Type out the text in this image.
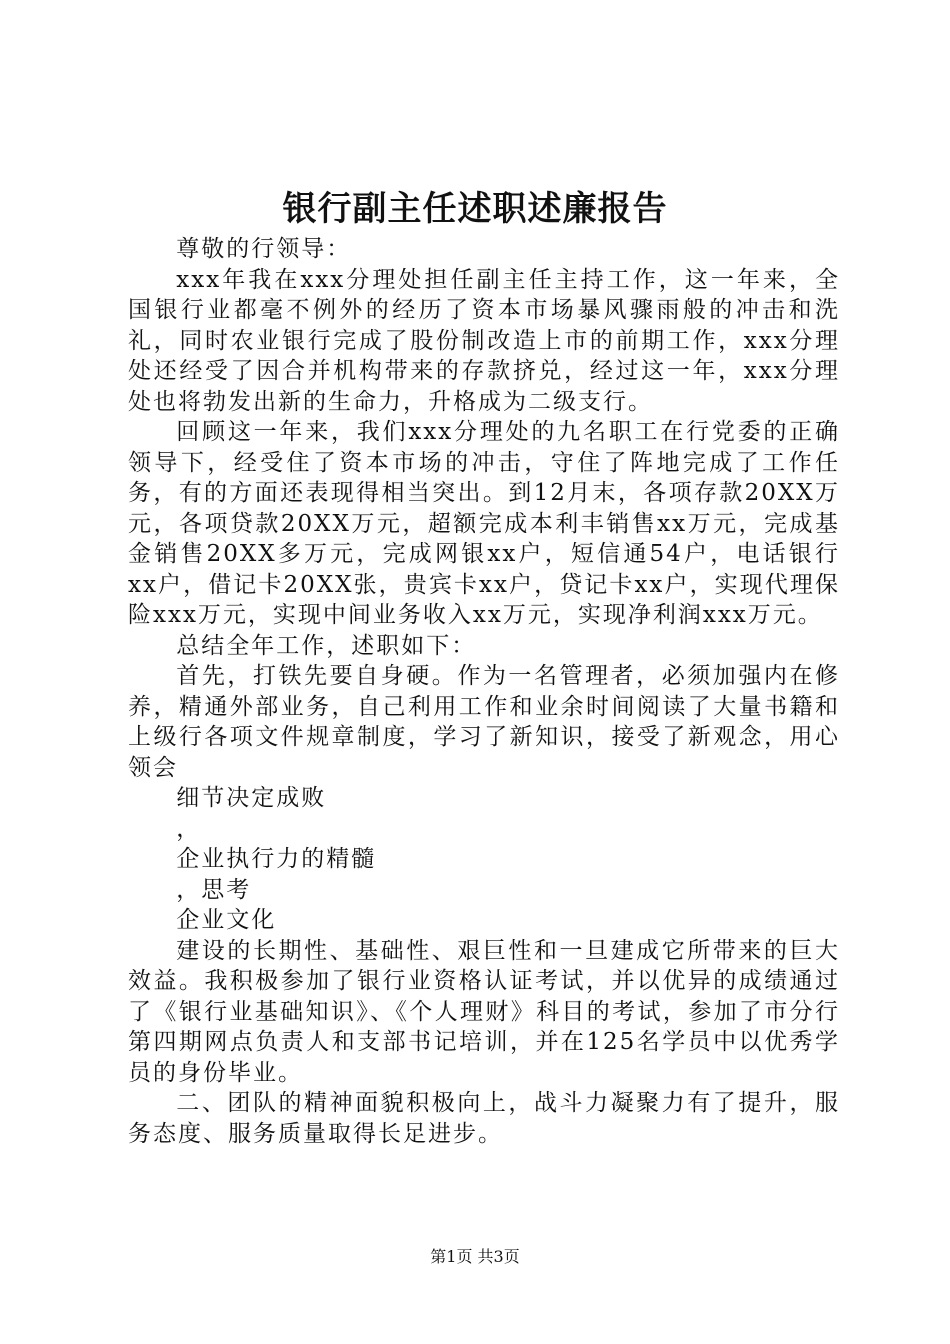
银行副主任述职述廉报告

尊敬的行领导：

xxx年我在xxx分理处担任副主任主持工作，这一年来，全国银行业都毫不例外的经历了资本市场暴风骤雨般的冲击和洗礼，同时农业银行完成了股份制改造上市的前期工作，xxx分理处还经受了因合并机构带来的存款挤兑，经过这一年，xxx分理处也将勃发出新的生命力，升格成为二级支行。

回顾这一年来，我们xxx分理处的九名职工在行党委的正确领导下，经受住了资本市场的冲击，守住了阵地完成了工作任务，有的方面还表现得相当突出。到12月末，各项存款20XX万元，各项贷款20XX万元，超额完成本利丰销售xx万元，完成基金销售20XX多万元，完成网银xx户，短信通54户，电话银行xx户，借记卡20XX张，贵宾卡xx户，贷记卡xx户，实现代理保险xxx万元，实现中间业务收入xx万元，实现净利润xxx万元。

总结全年工作，述职如下：

首先，打铁先要自身硬。作为一名管理者，必须加强内在修养，精通外部业务，自己利用工作和业余时间阅读了大量书籍和上级行各项文件规章制度，学习了新知识，接受了新观念，用心领会

细节决定成败

，

企业执行力的精髓

，思考

企业文化

建设的长期性、基础性、艰巨性和一旦建成它所带来的巨大效益。我积极参加了银行业资格认证考试，并以优异的成绩通过了《银行业基础知识》、《个人理财》科目的考试，参加了市分行第四期网点负责人和支部书记培训，并在125名学员中以优秀学员的身份毕业。

二、团队的精神面貌积极向上，战斗力凝聚力有了提升，服务态度、服务质量取得长足进步。

第1页 共3页
